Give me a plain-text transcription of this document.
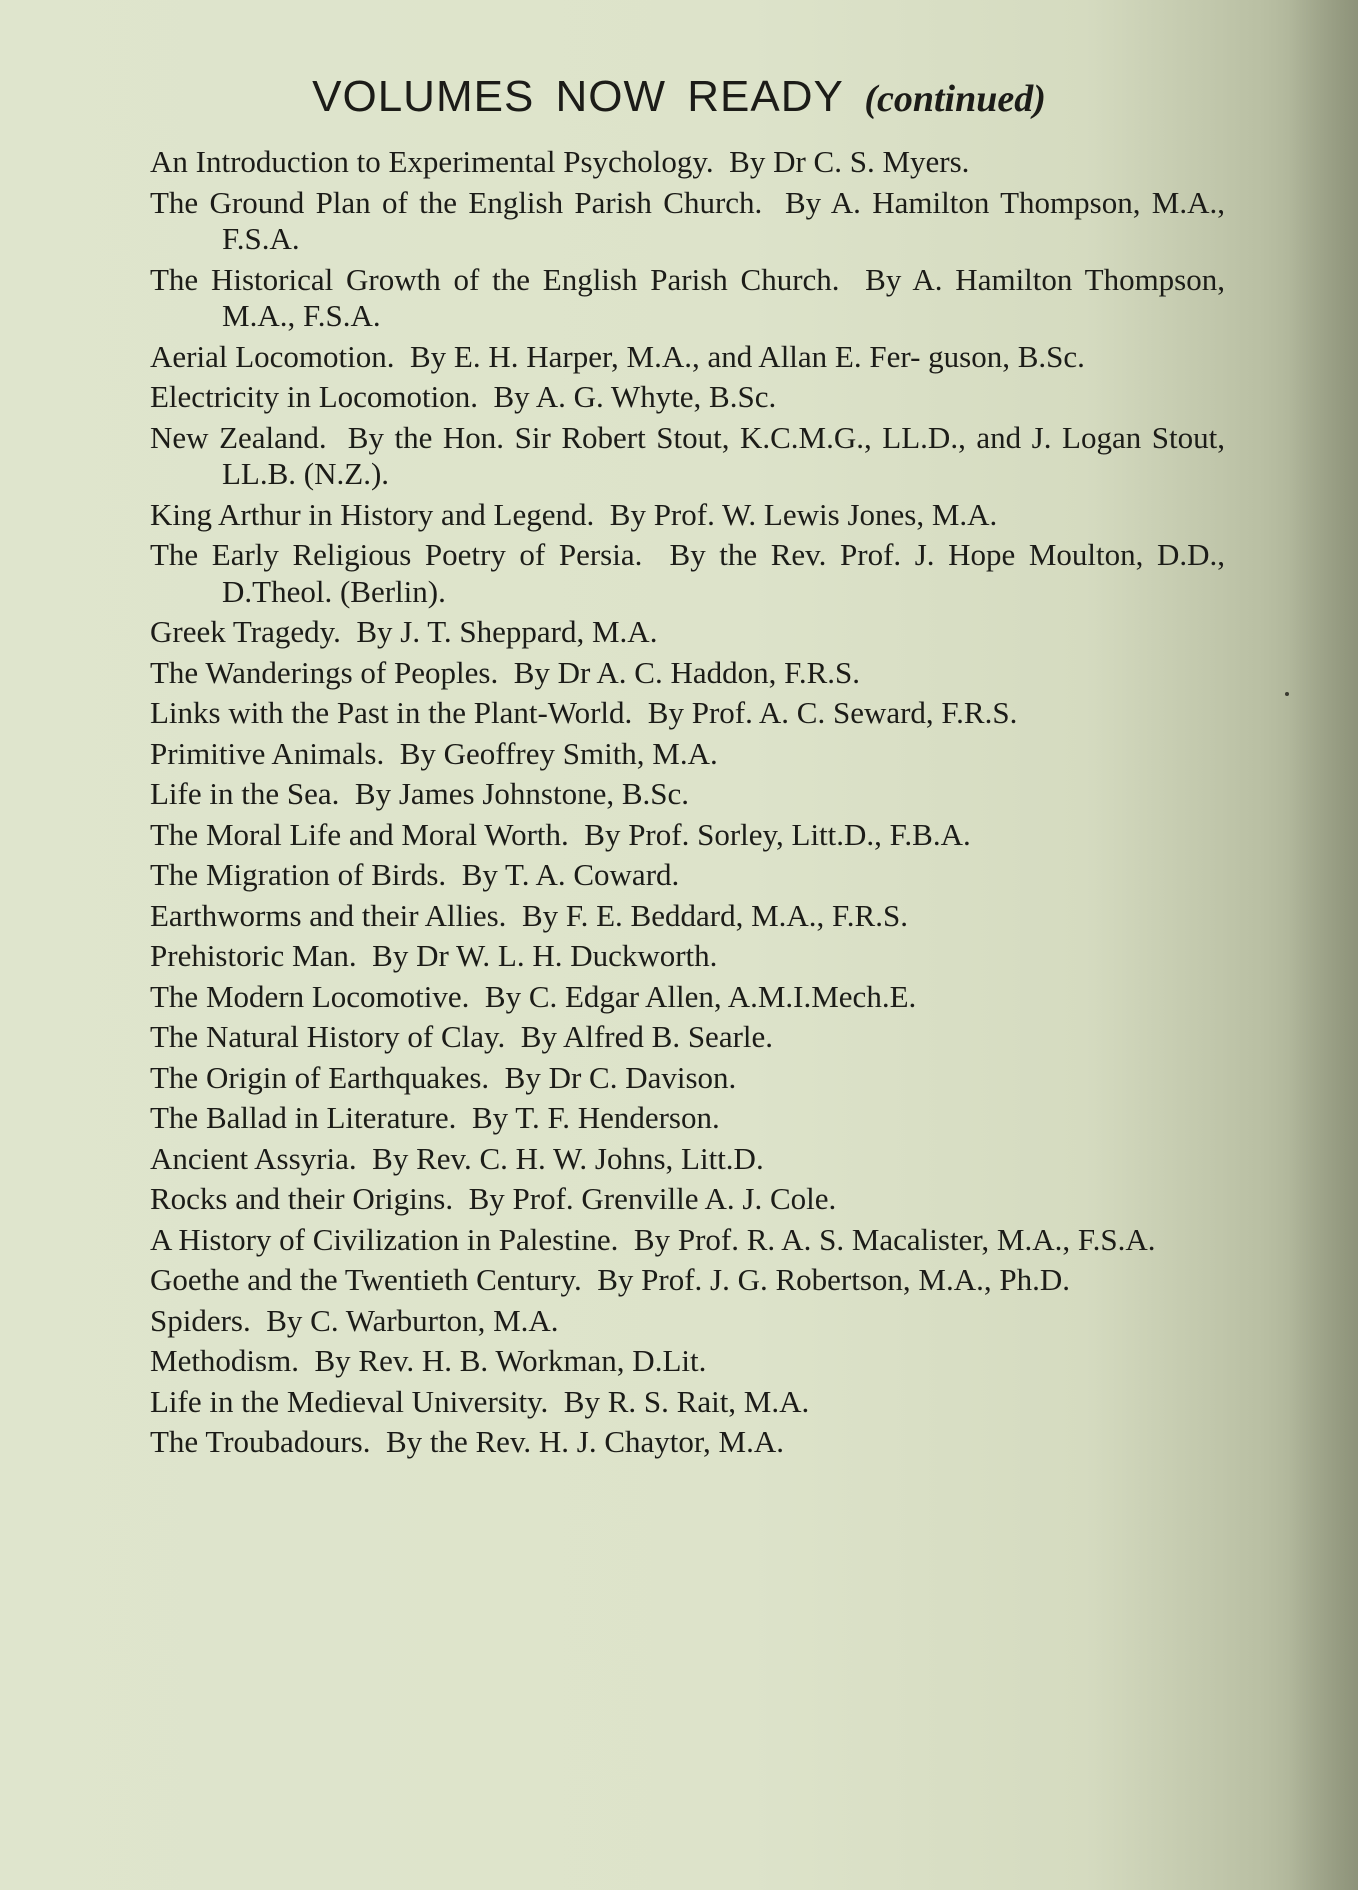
VOLUMES NOW READY (continued)
An Introduction to Experimental Psychology. By Dr C. S. Myers.
The Ground Plan of the English Parish Church. By A. Hamilton Thompson, M.A., F.S.A.
The Historical Growth of the English Parish Church. By A. Hamilton Thompson, M.A., F.S.A.
Aerial Locomotion. By E. H. Harper, M.A., and Allan E. Fer- guson, B.Sc.
Electricity in Locomotion. By A. G. Whyte, B.Sc.
New Zealand. By the Hon. Sir Robert Stout, K.C.M.G., LL.D., and J. Logan Stout, LL.B. (N.Z.).
King Arthur in History and Legend. By Prof. W. Lewis Jones, M.A.
The Early Religious Poetry of Persia. By the Rev. Prof. J. Hope Moulton, D.D., D.Theol. (Berlin).
Greek Tragedy. By J. T. Sheppard, M.A.
The Wanderings of Peoples. By Dr A. C. Haddon, F.R.S.
Links with the Past in the Plant-World. By Prof. A. C. Seward, F.R.S.
Primitive Animals. By Geoffrey Smith, M.A.
Life in the Sea. By James Johnstone, B.Sc.
The Moral Life and Moral Worth. By Prof. Sorley, Litt.D., F.B.A.
The Migration of Birds. By T. A. Coward.
Earthworms and their Allies. By F. E. Beddard, M.A., F.R.S.
Prehistoric Man. By Dr W. L. H. Duckworth.
The Modern Locomotive. By C. Edgar Allen, A.M.I.Mech.E.
The Natural History of Clay. By Alfred B. Searle.
The Origin of Earthquakes. By Dr C. Davison.
The Ballad in Literature. By T. F. Henderson.
Ancient Assyria. By Rev. C. H. W. Johns, Litt.D.
Rocks and their Origins. By Prof. Grenville A. J. Cole.
A History of Civilization in Palestine. By Prof. R. A. S. Macalister, M.A., F.S.A.
Goethe and the Twentieth Century. By Prof. J. G. Robertson, M.A., Ph.D.
Spiders. By C. Warburton, M.A.
Methodism. By Rev. H. B. Workman, D.Lit.
Life in the Medieval University. By R. S. Rait, M.A.
The Troubadours. By the Rev. H. J. Chaytor, M.A.
